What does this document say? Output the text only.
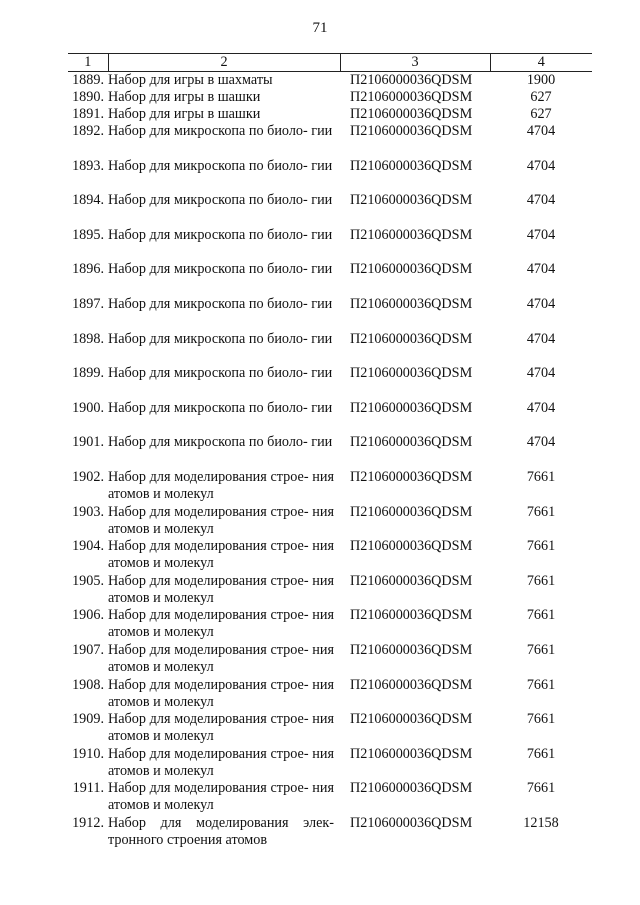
71
1	2	3	4
1889.	Набор для игры в шахматы	П2106000036QDSM	1900
1890.	Набор для игры в шашки	П2106000036QDSM	627
1891.	Набор для игры в шашки	П2106000036QDSM	627
1892.	Набор для микроскопа по биоло- гии	П2106000036QDSM	4704
1893.	Набор для микроскопа по биоло- гии	П2106000036QDSM	4704
1894.	Набор для микроскопа по биоло- гии	П2106000036QDSM	4704
1895.	Набор для микроскопа по биоло- гии	П2106000036QDSM	4704
1896.	Набор для микроскопа по биоло- гии	П2106000036QDSM	4704
1897.	Набор для микроскопа по биоло- гии	П2106000036QDSM	4704
1898.	Набор для микроскопа по биоло- гии	П2106000036QDSM	4704
1899.	Набор для микроскопа по биоло- гии	П2106000036QDSM	4704
1900.	Набор для микроскопа по биоло- гии	П2106000036QDSM	4704
1901.	Набор для микроскопа по биоло- гии	П2106000036QDSM	4704
1902.	Набор для моделирования строе- ния атомов и молекул	П2106000036QDSM	7661
1903.	Набор для моделирования строе- ния атомов и молекул	П2106000036QDSM	7661
1904.	Набор для моделирования строе- ния атомов и молекул	П2106000036QDSM	7661
1905.	Набор для моделирования строе- ния атомов и молекул	П2106000036QDSM	7661
1906.	Набор для моделирования строе- ния атомов и молекул	П2106000036QDSM	7661
1907.	Набор для моделирования строе- ния атомов и молекул	П2106000036QDSM	7661
1908.	Набор для моделирования строе- ния атомов и молекул	П2106000036QDSM	7661
1909.	Набор для моделирования строе- ния атомов и молекул	П2106000036QDSM	7661
1910.	Набор для моделирования строе- ния атомов и молекул	П2106000036QDSM	7661
1911.	Набор для моделирования строе- ния атомов и молекул	П2106000036QDSM	7661
1912.	Набор для моделирования элек- тронного строения атомов	П2106000036QDSM	12158
